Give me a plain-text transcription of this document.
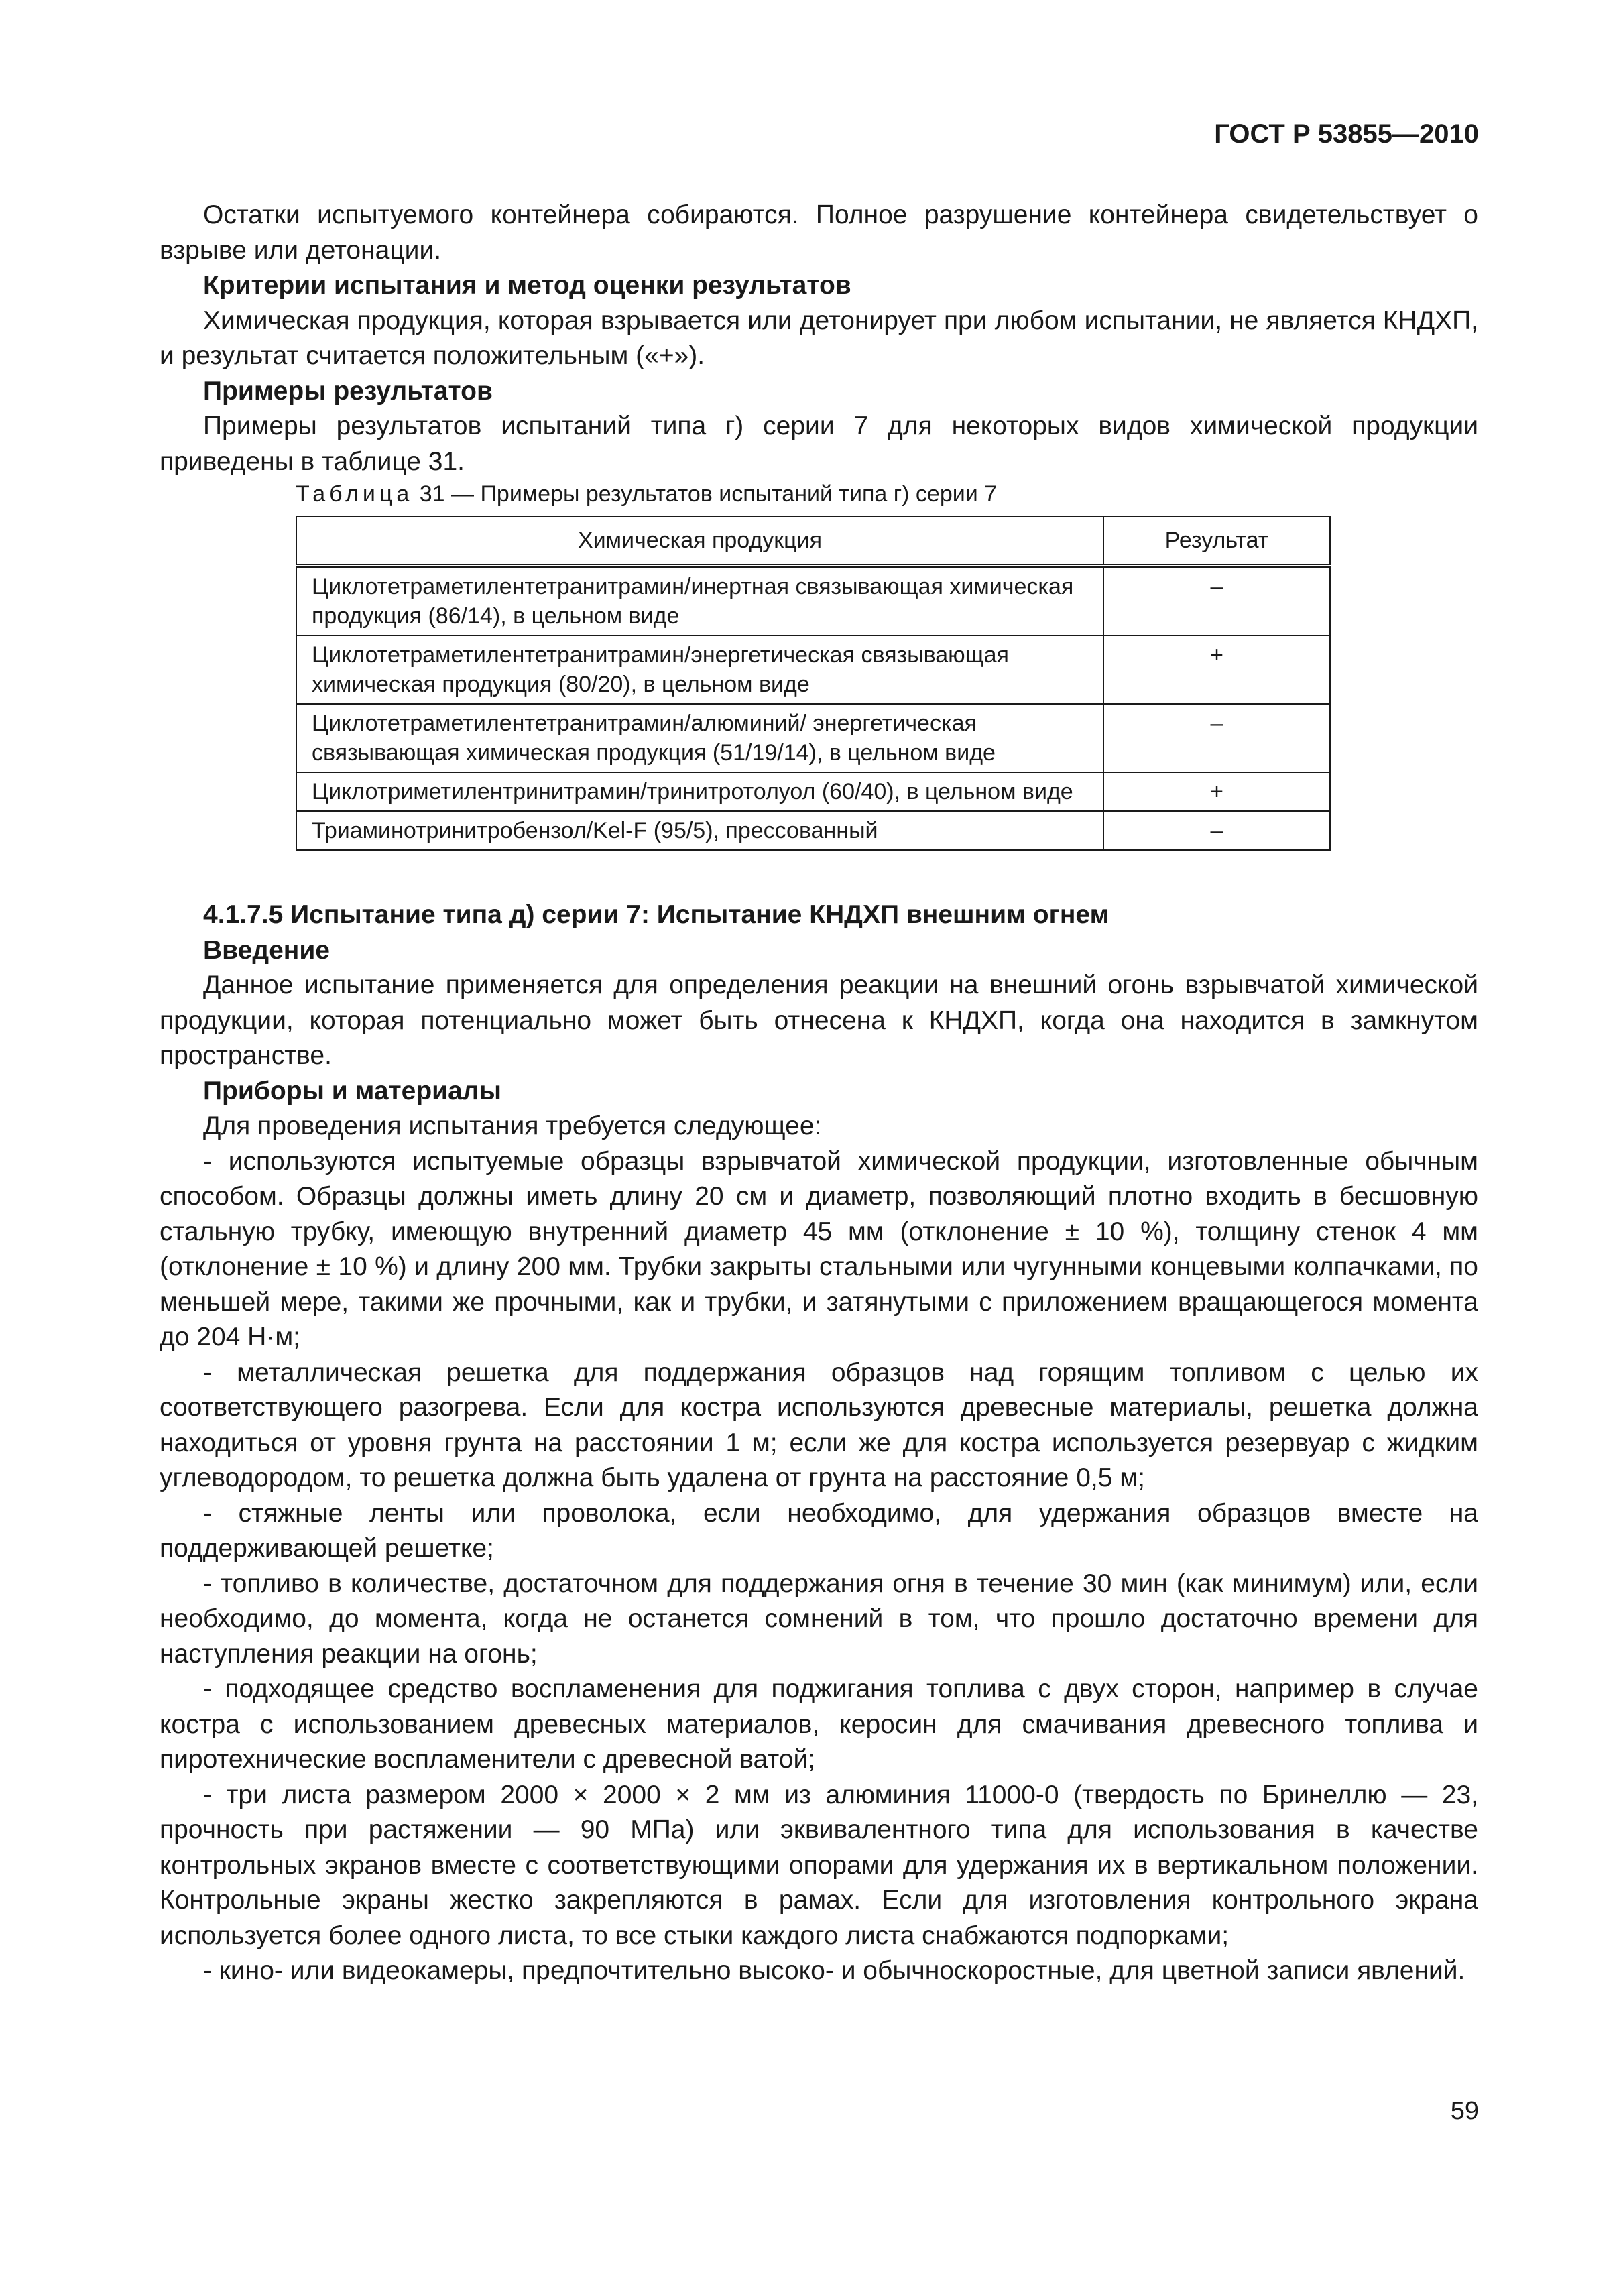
ГОСТ Р 53855—2010

Остатки испытуемого контейнера собираются. Полное разрушение контейнера свидетельствует о взрыве или детонации.

Критерии испытания и метод оценки результатов

Химическая продукция, которая взрывается или детонирует при любом испытании, не является КНДХП, и результат считается положительным («+»).

Примеры результатов

Примеры результатов испытаний типа г) серии 7 для некоторых видов химической продукции приведены в таблице 31.

Таблица 31 — Примеры результатов испытаний типа г) серии 7

Химическая продукция	Результат
Циклотетраметилентетранитрамин/инертная связывающая химическая продукция (86/14), в цельном виде	–
Циклотетраметилентетранитрамин/энергетическая связывающая химическая продукция (80/20), в цельном виде	+
Циклотетраметилентетранитрамин/алюминий/ энергетическая связывающая химическая продукция (51/19/14), в цельном виде	–
Циклотриметилентринитрамин/тринитротолуол (60/40), в цельном виде	+
Триаминотринитробензол/Kel-F (95/5), прессованный	–

4.1.7.5 Испытание типа д) серии 7: Испытание КНДХП внешним огнем

Введение

Данное испытание применяется для определения реакции на внешний огонь взрывчатой химической продукции, которая потенциально может быть отнесена к КНДХП, когда она находится в замкнутом пространстве.

Приборы и материалы

Для проведения испытания требуется следующее:

- используются испытуемые образцы взрывчатой химической продукции, изготовленные обычным способом. Образцы должны иметь длину 20 см и диаметр, позволяющий плотно входить в бесшовную стальную трубку, имеющую внутренний диаметр 45 мм (отклонение ± 10 %), толщину стенок 4 мм (отклонение ± 10 %) и длину 200 мм. Трубки закрыты стальными или чугунными концевыми колпачками, по меньшей мере, такими же прочными, как и трубки, и затянутыми с приложением вращающегося момента до 204 Н·м;

- металлическая решетка для поддержания образцов над горящим топливом с целью их соответствующего разогрева. Если для костра используются древесные материалы, решетка должна находиться от уровня грунта на расстоянии 1 м; если же для костра используется резервуар с жидким углеводородом, то решетка должна быть удалена от грунта на расстояние 0,5 м;

- стяжные ленты или проволока, если необходимо, для удержания образцов вместе на поддерживающей решетке;

- топливо в количестве, достаточном для поддержания огня в течение 30 мин (как минимум) или, если необходимо, до момента, когда не останется сомнений в том, что прошло достаточно времени для наступления реакции на огонь;

- подходящее средство воспламенения для поджигания топлива с двух сторон, например в случае костра с использованием древесных материалов, керосин для смачивания древесного топлива и пиротехнические воспламенители с древесной ватой;

- три листа размером 2000 × 2000 × 2 мм из алюминия 11000-0 (твердость по Бринеллю — 23, прочность при растяжении — 90 МПа) или эквивалентного типа для использования в качестве контрольных экранов вместе с соответствующими опорами для удержания их в вертикальном положении. Контрольные экраны жестко закрепляются в рамах. Если для изготовления контрольного экрана используется более одного листа, то все стыки каждого листа снабжаются подпорками;

- кино- или видеокамеры, предпочтительно высоко- и обычноскоростные, для цветной записи явлений.

59
